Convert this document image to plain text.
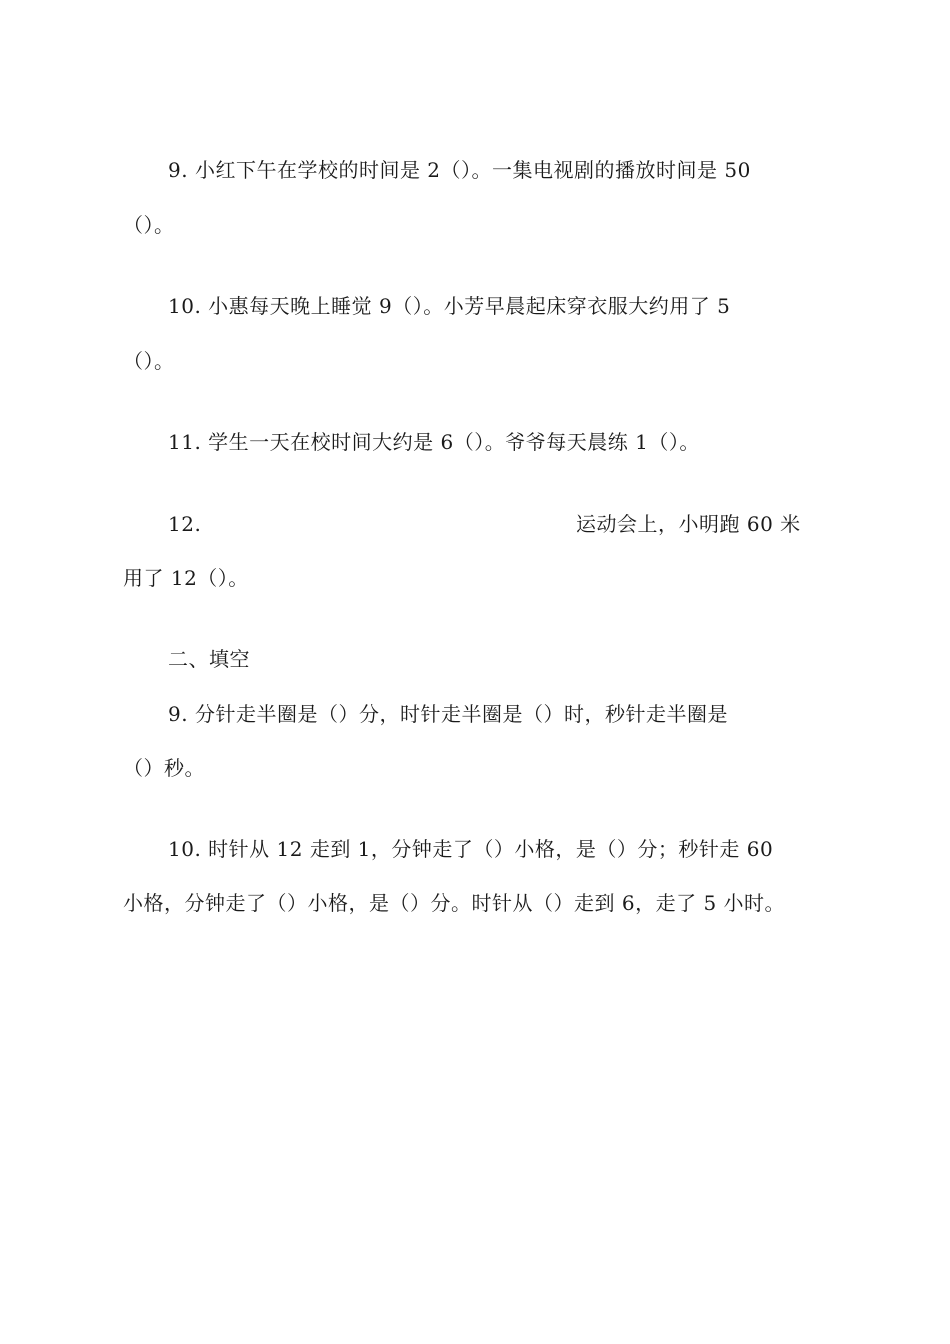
9. 小红下午在学校的时间是 2（）。一集电视剧的播放时间是 50
（）。
10. 小惠每天晚上睡觉 9（）。小芳早晨起床穿衣服大约用了 5
（）。
11. 学生一天在校时间大约是 6（）。爷爷每天晨练 1（）。
12.	运动会上，小明跑 60 米
用了 12（）。
二、填空
9. 分针走半圈是（）分，时针走半圈是（）时，秒针走半圈是
（）秒。
10. 时针从 12 走到 1，分钟走了（）小格，是（）分；秒针走 60
小格，分钟走了（）小格，是（）分。时针从（）走到 6，走了 5 小时。
